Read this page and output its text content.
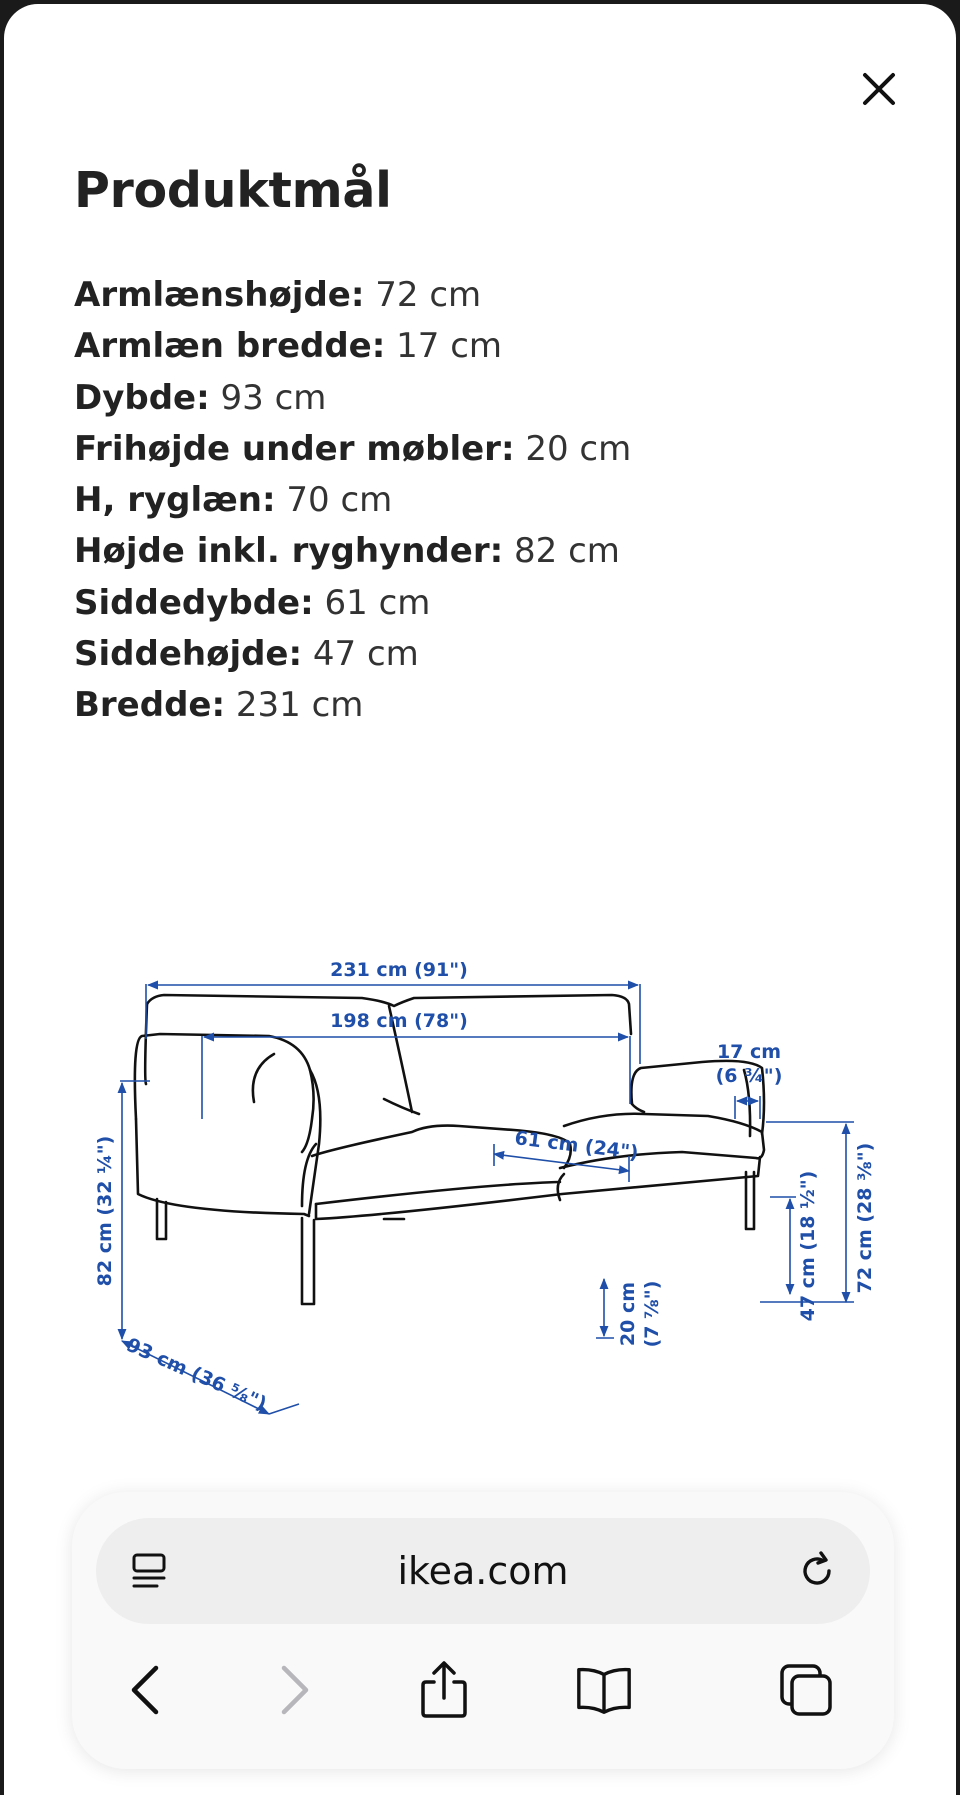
Produktmål
Armlænshøjde: 72 cm
Armlæn bredde: 17 cm
Dybde: 93 cm
Frihøjde under møbler: 20 cm
H, ryglæn: 70 cm
Højde inkl. ryghynder: 82 cm
Siddedybde: 61 cm
Siddehøjde: 47 cm
Bredde: 231 cm
231 cm (91")
198 cm (78")
17 cm
(6 ¾")
61 cm (24")
82 cm (32 ¼")	72 cm (28 ⅜")
47 cm (18 ½")
20 cm (7 ⅞")
93 cm (36 ⅝")
ikea.com
